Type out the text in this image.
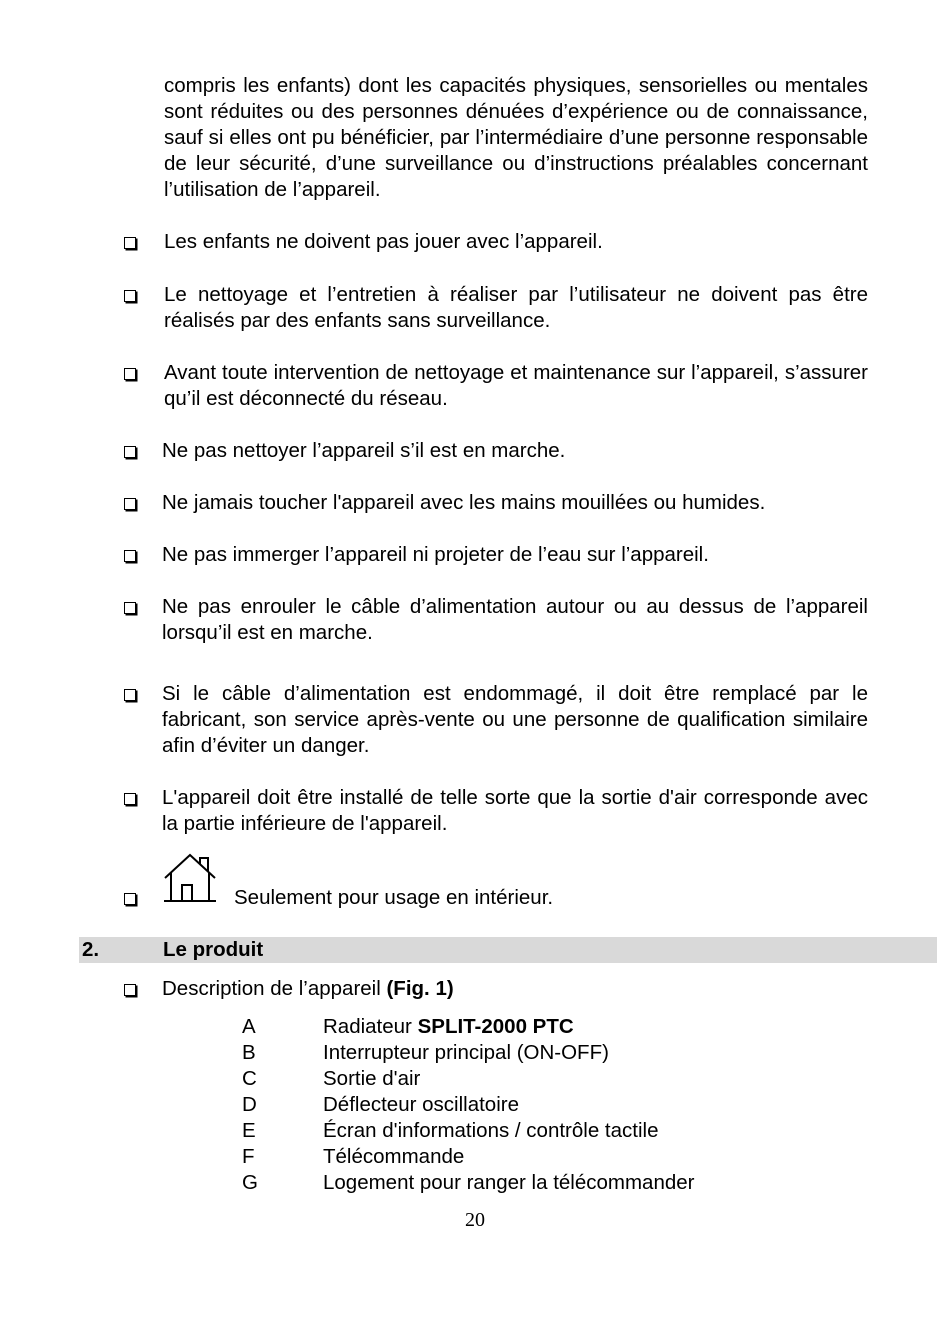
compris les enfants) dont les capacités physiques, sensorielles ou mentales sont réduites ou des personnes dénuées d’expérience ou de connaissance, sauf si elles ont pu bénéficier, par l’intermédiaire d’une personne responsable de leur sécurité, d’une surveillance ou d’instructions préalables concernant l’utilisation de l’appareil.
Les enfants ne doivent pas jouer avec l’appareil.
Le nettoyage et l’entretien à réaliser par l’utilisateur ne doivent pas être réalisés par des enfants sans surveillance.
Avant toute intervention de nettoyage et maintenance sur l’appareil, s’assurer qu’il est déconnecté du réseau.
Ne pas nettoyer l’appareil s’il est en marche.
Ne jamais toucher l'appareil avec les mains mouillées ou humides.
Ne pas immerger l’appareil ni projeter de l’eau sur l’appareil.
Ne pas enrouler le câble d’alimentation autour ou au dessus de l’appareil lorsqu’il est en marche.
Si le câble d’alimentation est endommagé, il doit être remplacé par le fabricant, son service après-vente ou une personne de qualification similaire afin d’éviter un danger.
L'appareil doit être installé de telle sorte que la sortie d'air corresponde avec la partie inférieure de l'appareil.
Seulement pour usage en intérieur.
2.	Le produit
Description de l’appareil (Fig. 1)
A	Radiateur SPLIT-2000 PTC
B	Interrupteur principal (ON-OFF)
C	Sortie d'air
D	Déflecteur oscillatoire
E	Écran d'informations / contrôle tactile
F	Télécommande
G	Logement pour ranger la télécommander
20
